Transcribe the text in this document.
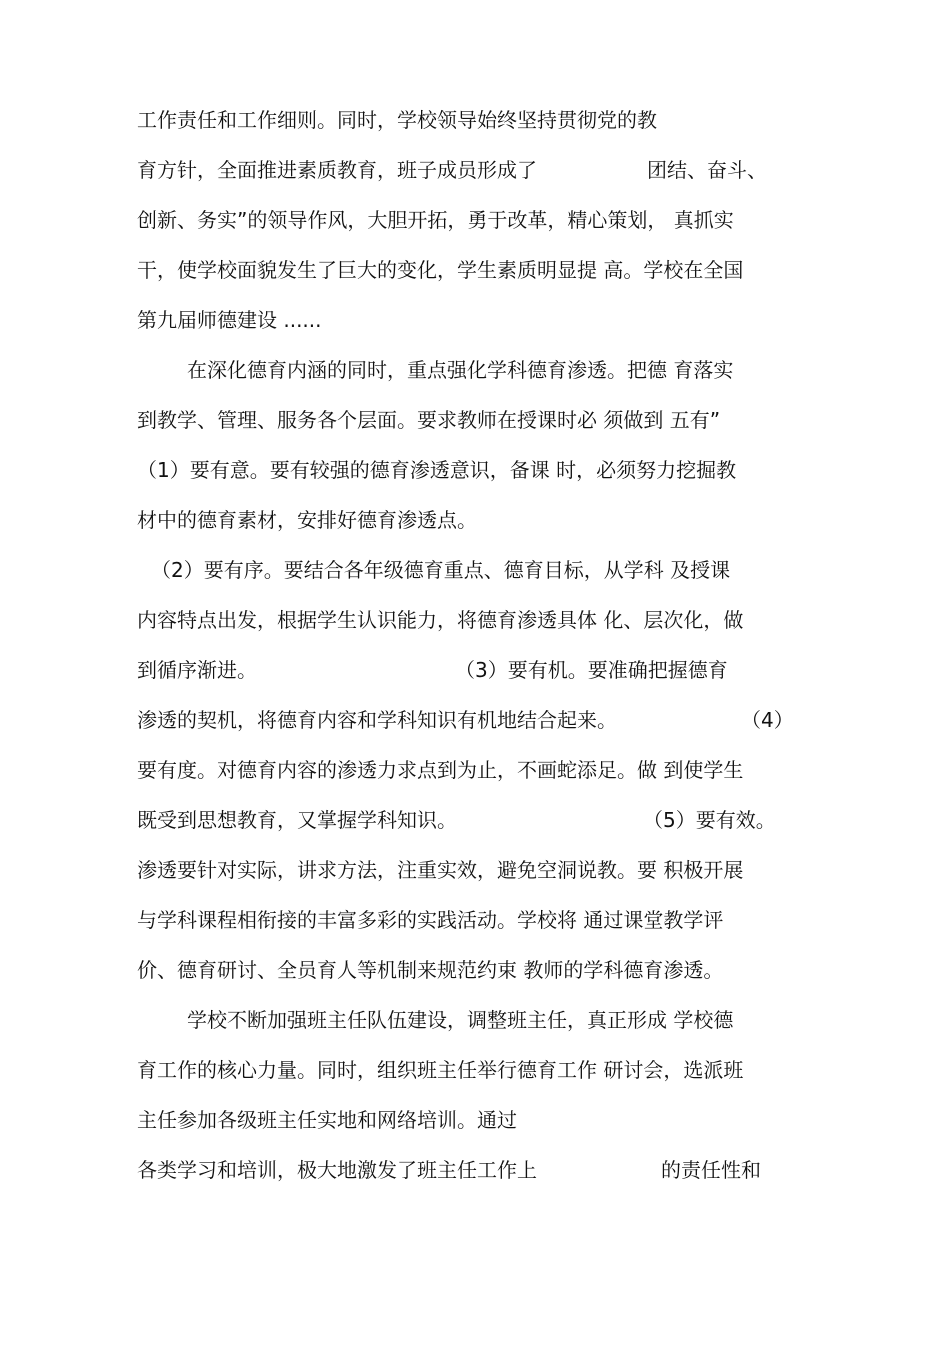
工作责任和工作细则。同时，学校领导始终坚持贯彻党的教
育方针，全面推进素质教育，班子成员形成了	团结、奋斗、
创新、务实”的领导作风，大胆开拓，勇于改革，精心策划， 真抓实
干，使学校面貌发生了巨大的变化，学生素质明显提 高。学校在全国
第九届师德建设 ......
在深化德育内涵的同时，重点强化学科德育渗透。把德 育落实
到教学、管理、服务各个层面。要求教师在授课时必 须做到 五有”
（1）要有意。要有较强的德育渗透意识，备课 时，必须努力挖掘教
材中的德育素材，安排好德育渗透点。
（2）要有序。要结合各年级德育重点、德育目标，从学科 及授课
内容特点出发，根据学生认识能力，将德育渗透具体 化、层次化，做
到循序渐进。	（3）要有机。要准确把握德育
渗透的契机，将德育内容和学科知识有机地结合起来。	（4）
要有度。对德育内容的渗透力求点到为止，不画蛇添足。做 到使学生
既受到思想教育，又掌握学科知识。	（5）要有效。
渗透要针对实际，讲求方法，注重实效，避免空洞说教。要 积极开展
与学科课程相衔接的丰富多彩的实践活动。学校将 通过课堂教学评
价、德育研讨、全员育人等机制来规范约束 教师的学科德育渗透。
学校不断加强班主任队伍建设，调整班主任，真正形成 学校德
育工作的核心力量。同时，组织班主任举行德育工作 研讨会，选派班
主任参加各级班主任实地和网络培训。通过
各类学习和培训，极大地激发了班主任工作上	的责任性和
